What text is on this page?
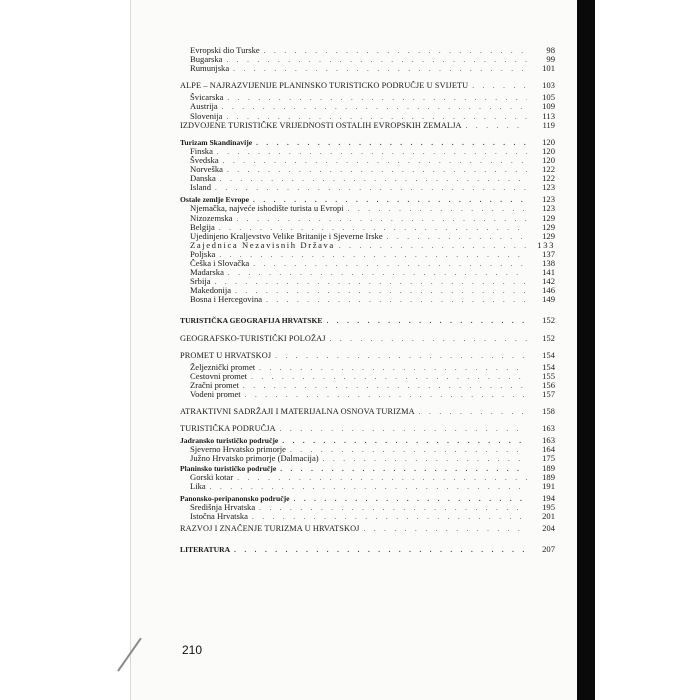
Evropski dio Turske . . .	98
Bugarska . . .	99
Rumunjska . . .	101
ALPE – NAJRAZVIJENIJE PLANINSKO TURISTICKO PODRUČJE U SVIJETU . . .	103
Švicarska . . .	105
Austrija . . .	109
Slovenija . . .	113
IZDVOJENE TURISTIČKE VRIJEDNOSTI OSTALIH EVROPSKIH ZEMALJA . . .	119
Turizam Skandinavije . . .	120
Finska . . .	120
Švedska . . .	120
Norveška . . .	122
Danska . . .	122
Island . . .	123
Ostale zemlje Evrope . . .	123
Njemačka, najveće ishodište turista u Evropi . . .	123
Nizozemska . . .	129
Belgija . . .	129
Ujedinjeno Kraljevstvo Velike Britanije i Sjeverne Irske . . .	129
Zajednica Nezavisnih Država . . .	133
Poljska . . .	137
Češka i Slovačka . . .	138
Madarska . . .	141
Srbija . . .	142
Makedonija . . .	146
Bosna i Hercegovina . . .	149
TURISTIČKA GEOGRAFIJA HRVATSKE . . .	152
GEOGRAFSKO-TURISTIČKI POLOŽAJ . . .	152
PROMET U HRVATSKOJ . . .	154
Željeznički promet . . .	154
Cestovni promet . . .	155
Zračni promet . . .	156
Vodeni promet . . .	157
ATRAKTIVNI SADRŽAJI I MATERIJALNA OSNOVA TURIZMA . . .	158
TURISTIČKA PODRUČJA . . .	163
Jadransko turističko područje . . .	163
Sjeverno Hrvatsko primorje . . .	164
Južno Hrvatsko primorje (Dalmacija) . . .	175
Planinsko turističko područje . . .	189
Gorski kotar . . .	189
Lika . . .	191
Panonsko-peripanonsko područje . . .	194
Središnja Hrvatska . . .	195
Istočna Hrvatska . . .	201
RAZVOJ I ZNAČENJE TURIZMA U HRVATSKOJ . . .	204
LITERATURA . . .	207
210
